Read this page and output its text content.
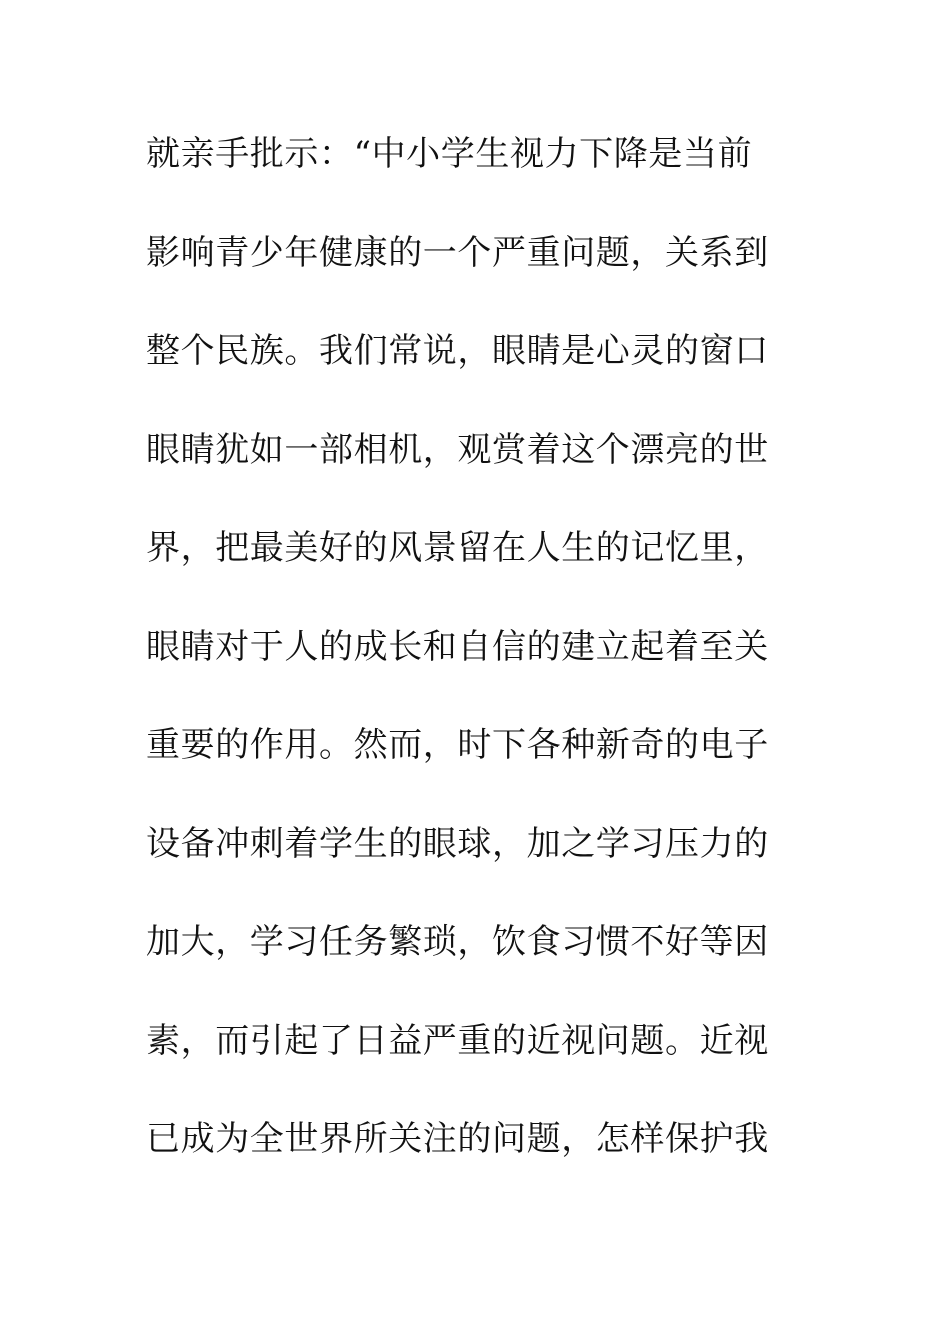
就亲手批示：“中小学生视力下降是当前
影响青少年健康的一个严重问题，关系到
整个民族。我们常说，眼睛是心灵的窗口
眼睛犹如一部相机，观赏着这个漂亮的世
界，把最美好的风景留在人生的记忆里，
眼睛对于人的成长和自信的建立起着至关
重要的作用。然而，时下各种新奇的电子
设备冲刺着学生的眼球，加之学习压力的
加大，学习任务繁琐，饮食习惯不好等因
素，而引起了日益严重的近视问题。近视
已成为全世界所关注的问题，怎样保护我
